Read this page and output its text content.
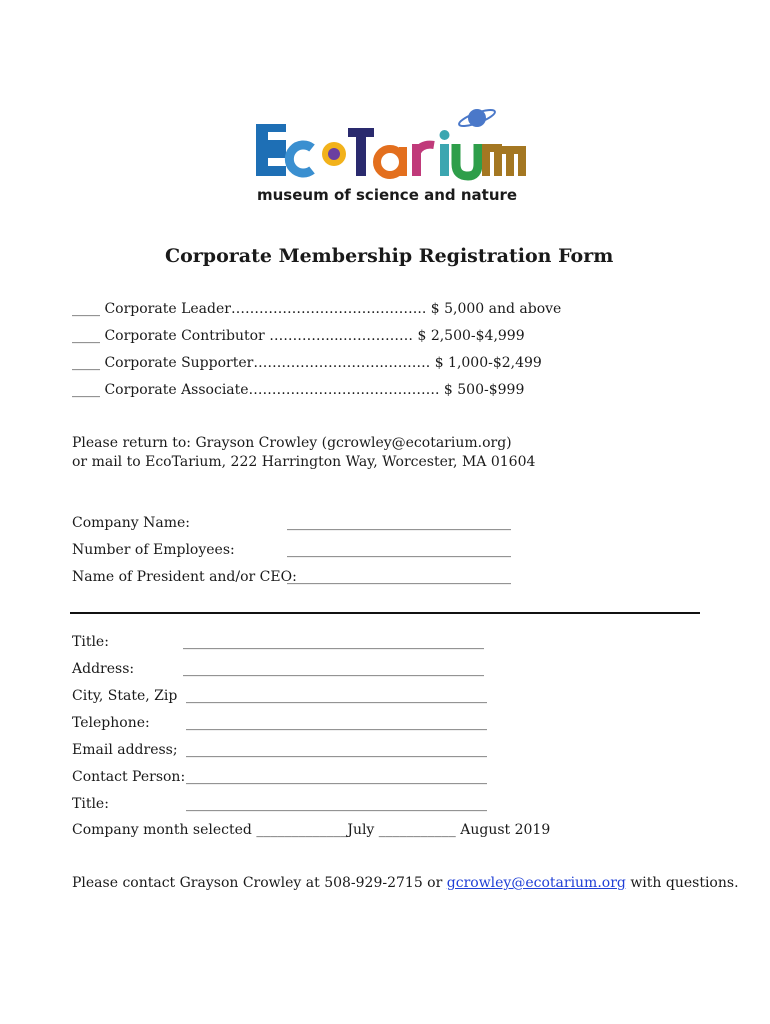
museum of science and nature
Corporate Membership Registration Form
____ Corporate Leader………………………….……….. $ 5,000 and above
____ Corporate Contributor …………....…………… $ 2,500-$4,999
____ Corporate Supporter……………………….………. $ 1,000-$2,499
____ Corporate Associate…………………….……………. $ 500-$999
Please return to: Grayson Crowley (gcrowley@ecotarium.org)
or mail to EcoTarium, 222 Harrington Way, Worcester, MA 01604
Company Name:	________________________________
Number of Employees:	________________________________
Name of President and/or CEO:
________________________________
Title:	___________________________________________
Address:	___________________________________________
City, State, Zip ___________________________________________
Telephone:	___________________________________________
Email address; ___________________________________________
Contact Person: ___________________________________________
Title:	___________________________________________
Company month selected _____________July ___________ August 2019
Please contact Grayson Crowley at 508-929-2715 or gcrowley@ecotarium.org with questions.
